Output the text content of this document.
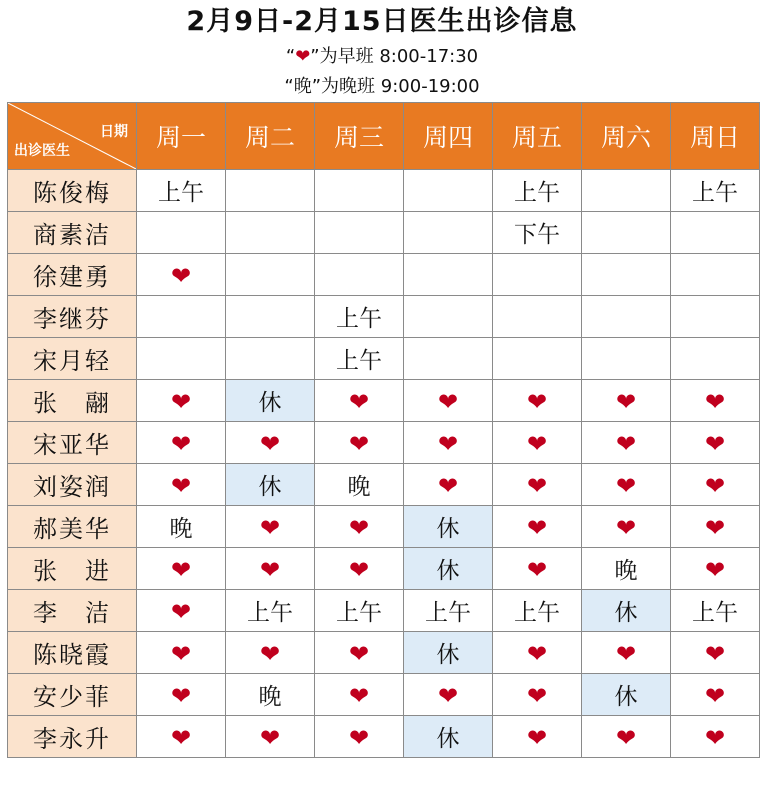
2月9日-2月15日医生出诊信息
“❤”为早班 8:00-17:30
“晚”为晚班 9:00-19:00
日期
出诊医生	周一	周二	周三	周四	周五	周六	周日
陈俊梅	上午				上午		上午
商素洁					下午		
徐建勇	❤						
李继芬			上午				
宋月轻			上午				
张　翮	❤	休	❤	❤	❤	❤	❤
宋亚华	❤	❤	❤	❤	❤	❤	❤
刘姿润	❤	休	晚	❤	❤	❤	❤
郝美华	晚	❤	❤	休	❤	❤	❤
张　进	❤	❤	❤	休	❤	晚	❤
李　洁	❤	上午	上午	上午	上午	休	上午
陈晓霞	❤	❤	❤	休	❤	❤	❤
安少菲	❤	晚	❤	❤	❤	休	❤
李永升	❤	❤	❤	休	❤	❤	❤
